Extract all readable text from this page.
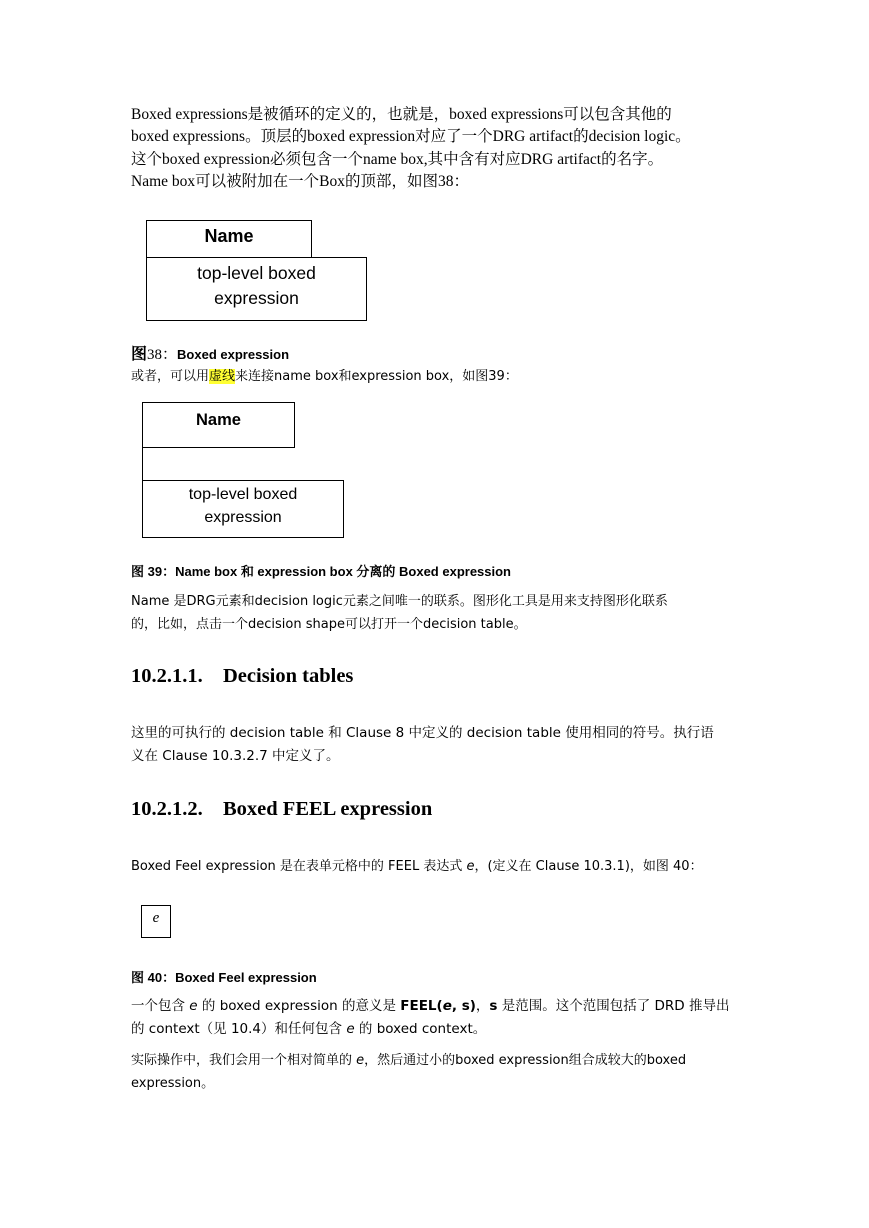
Boxed expressions是被循环的定义的，也就是，boxed expressions可以包含其他的
boxed expressions。顶层的boxed expression对应了一个DRG artifact的decision logic。
这个boxed expression必须包含一个name box,其中含有对应DRG artifact的名字。
Name box可以被附加在一个Box的顶部，如图38：
Name
top-level boxed
expression
图38：Boxed expression
或者，可以用虚线来连接name box和expression box，如图39：
Name
top-level boxed
expression
图 39：Name box 和 expression box 分离的 Boxed expression
Name 是DRG元素和decision logic元素之间唯一的联系。图形化工具是用来支持图形化联系
的，比如，点击一个decision shape可以打开一个decision table。
10.2.1.1. Decision tables
这里的可执行的 decision table 和 Clause 8 中定义的 decision table 使用相同的符号。执行语
义在 Clause 10.3.2.7 中定义了。
10.2.1.2. Boxed FEEL expression
Boxed Feel expression 是在表单元格中的 FEEL 表达式 e，(定义在 Clause 10.3.1)，如图 40：
e
图 40：Boxed Feel expression
一个包含 e 的 boxed expression 的意义是 FEEL(e, s)，s 是范围。这个范围包括了 DRD 推导出
的 context（见 10.4）和任何包含 e 的 boxed context。
实际操作中，我们会用一个相对简单的 e，然后通过小的boxed expression组合成较大的boxed
expression。
